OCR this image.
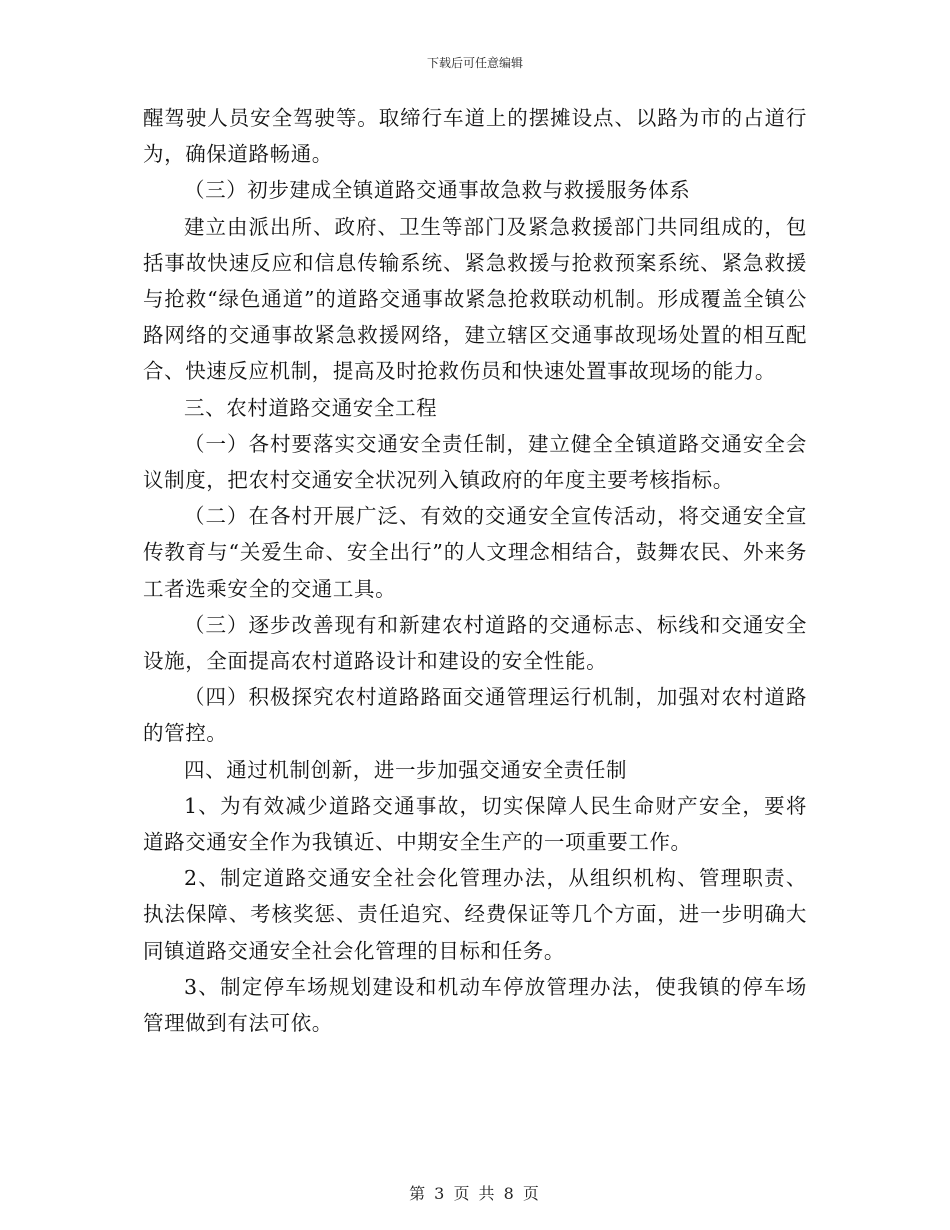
下载后可任意编辑

醒驾驶人员安全驾驶等。取缔行车道上的摆摊设点、以路为市的占道行为，确保道路畅通。

（三）初步建成全镇道路交通事故急救与救援服务体系

建立由派出所、政府、卫生等部门及紧急救援部门共同组成的，包括事故快速反应和信息传输系统、紧急救援与抢救预案系统、紧急救援与抢救“绿色通道”的道路交通事故紧急抢救联动机制。形成覆盖全镇公路网络的交通事故紧急救援网络，建立辖区交通事故现场处置的相互配合、快速反应机制，提高及时抢救伤员和快速处置事故现场的能力。

三、农村道路交通安全工程

（一）各村要落实交通安全责任制，建立健全全镇道路交通安全会议制度，把农村交通安全状况列入镇政府的年度主要考核指标。

（二）在各村开展广泛、有效的交通安全宣传活动，将交通安全宣传教育与“关爱生命、安全出行”的人文理念相结合，鼓舞农民、外来务工者选乘安全的交通工具。

（三）逐步改善现有和新建农村道路的交通标志、标线和交通安全设施，全面提高农村道路设计和建设的安全性能。

（四）积极探究农村道路路面交通管理运行机制，加强对农村道路的管控。

四、通过机制创新，进一步加强交通安全责任制

1、为有效减少道路交通事故，切实保障人民生命财产安全，要将道路交通安全作为我镇近、中期安全生产的一项重要工作。

2、制定道路交通安全社会化管理办法，从组织机构、管理职责、执法保障、考核奖惩、责任追究、经费保证等几个方面，进一步明确大同镇道路交通安全社会化管理的目标和任务。

3、制定停车场规划建设和机动车停放管理办法，使我镇的停车场管理做到有法可依。

第 3 页 共 8 页
